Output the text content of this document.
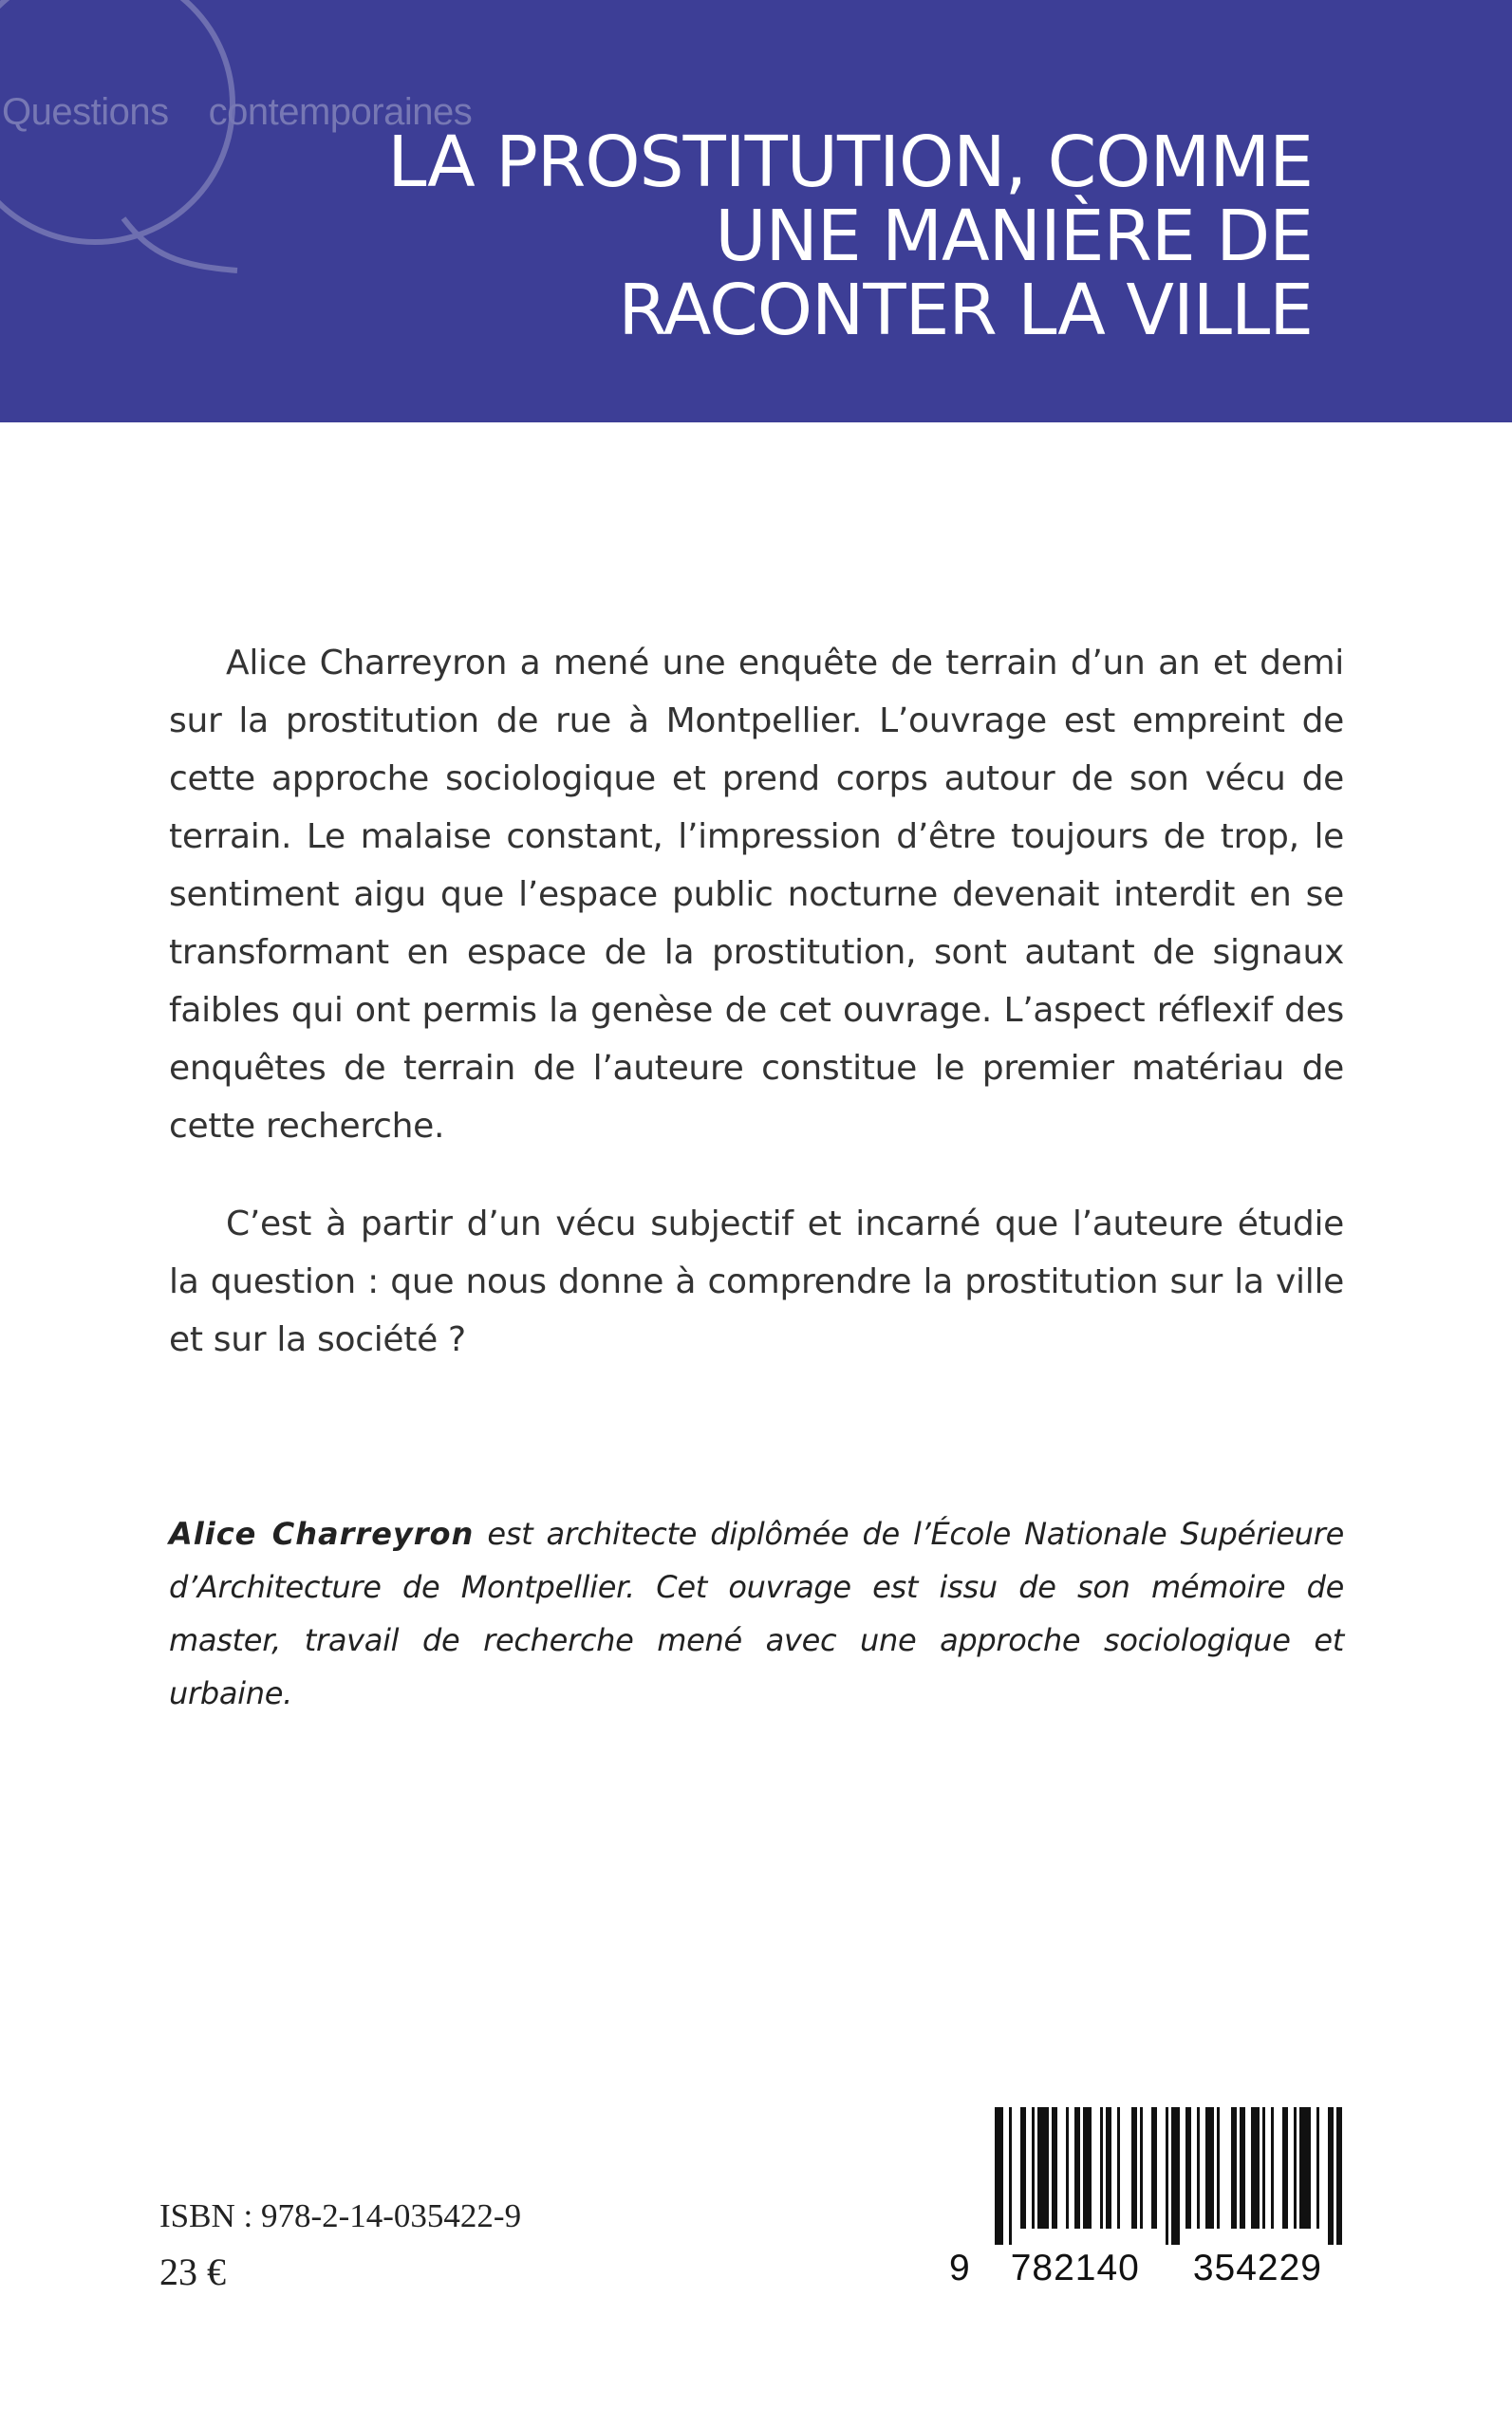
Questions contemporaines

LA PROSTITUTION, COMME
UNE MANIÈRE DE
RACONTER LA VILLE

Alice Charreyron a mené une enquête de terrain d’un an et demi sur la prostitution de rue à Montpellier. L’ouvrage est empreint de cette approche sociologique et prend corps autour de son vécu de terrain. Le malaise constant, l’impression d’être toujours de trop, le sentiment aigu que l’espace public nocturne devenait interdit en se transformant en espace de la prostitution, sont autant de signaux faibles qui ont permis la genèse de cet ouvrage. L’aspect réflexif des enquêtes de terrain de l’auteure constitue le premier matériau de cette recherche.

C’est à partir d’un vécu subjectif et incarné que l’auteure étudie la question : que nous donne à comprendre la prostitution sur la ville et sur la société ?

Alice Charreyron est architecte diplômée de l’École Nationale Supérieure d’Architecture de Montpellier. Cet ouvrage est issu de son mémoire de master, travail de recherche mené avec une approche sociologique et urbaine.

ISBN : 978-2-14-035422-9

23 €	9 782140 354229
